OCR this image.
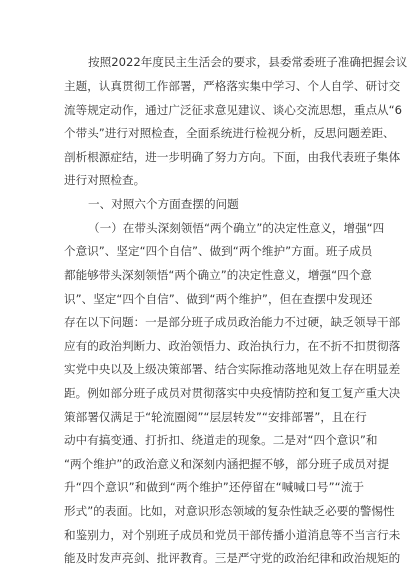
按照2022年度民主生活会的要求，县委常委班子准确把握会议
主题，认真贯彻工作部署，严格落实集中学习、个人自学、研讨交
流等规定动作，通过广泛征求意见建议、谈心交流思想，重点从“6
个带头”进行对照检查，全面系统进行检视分析，反思问题差距、
剖析根源症结，进一步明确了努力方向。下面，由我代表班子集体
进行对照检查。
一、对照六个方面查摆的问题
（一）在带头深刻领悟“两个确立”的决定性意义，增强“四
个意识”、坚定“四个自信”、做到“两个维护”方面。班子成员
都能够带头深刻领悟“两个确立”的决定性意义，增强“四个意
识”、坚定“四个自信”、做到“两个维护”，但在查摆中发现还
存在以下问题：一是部分班子成员政治能力不过硬，缺乏领导干部
应有的政治判断力、政治领悟力、政治执行力，在不折不扣贯彻落
实党中央以及上级决策部署、结合实际推动落地见效上存在明显差
距。例如部分班子成员对贯彻落实中央疫情防控和复工复产重大决
策部署仅满足于“轮流圈阅”“层层转发”“安排部署”，且在行
动中有搞变通、打折扣、绕道走的现象。二是对“四个意识”和
“两个维护”的政治意义和深刻内涵把握不够，部分班子成员对提
升“四个意识”和做到“两个维护”还停留在“喊喊口号”“流于
形式”的表面。比如，对意识形态领域的复杂性缺乏必要的警惕性
和鉴别力，对个别班子成员和党员干部传播小道消息等不当言行未
能及时发声亮剑、批评教育。三是严守党的政治纪律和政治规矩的
